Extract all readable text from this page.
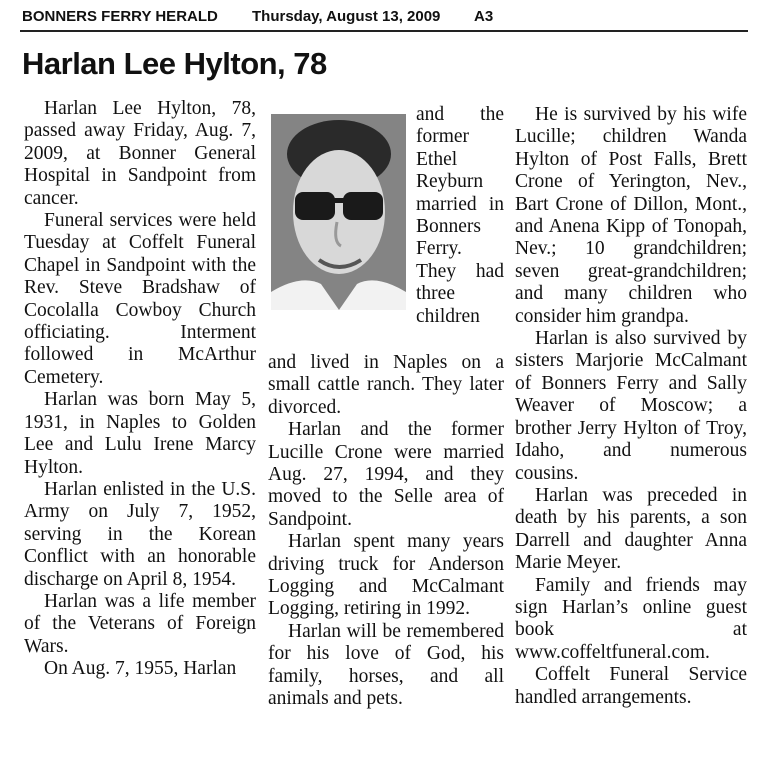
BONNERS FERRY HERALD Thursday, August 13, 2009 A3
Harlan Lee Hylton, 78

Harlan Lee Hylton, 78, passed away Friday, Aug. 7, 2009, at Bonner General Hospital in Sandpoint from cancer.

Funeral services were held Tuesday at Coffelt Funeral Chapel in Sandpoint with the Rev. Steve Bradshaw of Cocolalla Cowboy Church officiating. Interment followed in McArthur Cemetery.

Harlan was born May 5, 1931, in Naples to Golden Lee and Lulu Irene Marcy Hylton.

Harlan enlisted in the U.S. Army on July 7, 1952, serving in the Korean Conflict with an honorable discharge on April 8, 1954.

Harlan was a life member of the Veterans of Foreign Wars.

On Aug. 7, 1955, Harlan

and the former Ethel Reyburn married in Bonners Ferry. They had three children

and lived in Naples on a small cattle ranch. They later divorced.

Harlan and the former Lucille Crone were married Aug. 27, 1994, and they moved to the Selle area of Sandpoint.

Harlan spent many years driving truck for Anderson Logging and McCalmant Logging, retiring in 1992.

Harlan will be remembered for his love of God, his family, horses, and all animals and pets.

He is survived by his wife Lucille; children Wanda Hylton of Post Falls, Brett Crone of Yerington, Nev., Bart Crone of Dillon, Mont., and Anena Kipp of Tonopah, Nev.; 10 grandchildren; seven great-grandchildren; and many children who consider him grandpa.

Harlan is also survived by sisters Marjorie McCalmant of Bonners Ferry and Sally Weaver of Moscow; a brother Jerry Hylton of Troy, Idaho, and numerous cousins.

Harlan was preceded in death by his parents, a son Darrell and daughter Anna Marie Meyer.

Family and friends may sign Harlan’s online guest book at www.coffeltfuneral.com.

Coffelt Funeral Service handled arrangements.
